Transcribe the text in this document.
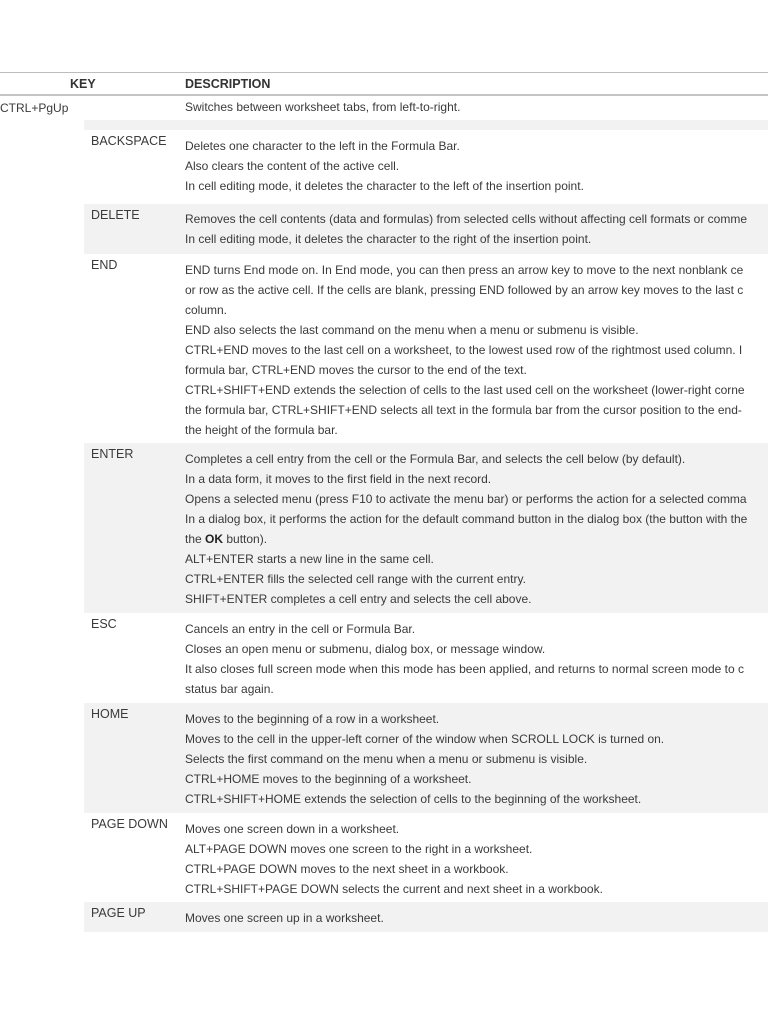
KEY	DESCRIPTION
CTRL+PgUp	Switches between worksheet tabs, from left-to-right.
BACKSPACE	Deletes one character to the left in the Formula Bar.
Also clears the content of the active cell.
In cell editing mode, it deletes the character to the left of the insertion point.
DELETE	Removes the cell contents (data and formulas) from selected cells without affecting cell formats or comme
In cell editing mode, it deletes the character to the right of the insertion point.
END	END turns End mode on. In End mode, you can then press an arrow key to move to the next nonblank ce
or row as the active cell. If the cells are blank, pressing END followed by an arrow key moves to the last c
column.
END also selects the last command on the menu when a menu or submenu is visible.
CTRL+END moves to the last cell on a worksheet, to the lowest used row of the rightmost used column. I
formula bar, CTRL+END moves the cursor to the end of the text.
CTRL+SHIFT+END extends the selection of cells to the last used cell on the worksheet (lower-right corne
the formula bar, CTRL+SHIFT+END selects all text in the formula bar from the cursor position to the end-
the height of the formula bar.
ENTER	Completes a cell entry from the cell or the Formula Bar, and selects the cell below (by default).
In a data form, it moves to the first field in the next record.
Opens a selected menu (press F10 to activate the menu bar) or performs the action for a selected comma
In a dialog box, it performs the action for the default command button in the dialog box (the button with the
the OK button).
ALT+ENTER starts a new line in the same cell.
CTRL+ENTER fills the selected cell range with the current entry.
SHIFT+ENTER completes a cell entry and selects the cell above.
ESC	Cancels an entry in the cell or Formula Bar.
Closes an open menu or submenu, dialog box, or message window.
It also closes full screen mode when this mode has been applied, and returns to normal screen mode to c
status bar again.
HOME	Moves to the beginning of a row in a worksheet.
Moves to the cell in the upper-left corner of the window when SCROLL LOCK is turned on.
Selects the first command on the menu when a menu or submenu is visible.
CTRL+HOME moves to the beginning of a worksheet.
CTRL+SHIFT+HOME extends the selection of cells to the beginning of the worksheet.
PAGE DOWN	Moves one screen down in a worksheet.
ALT+PAGE DOWN moves one screen to the right in a worksheet.
CTRL+PAGE DOWN moves to the next sheet in a workbook.
CTRL+SHIFT+PAGE DOWN selects the current and next sheet in a workbook.
PAGE UP	Moves one screen up in a worksheet.
